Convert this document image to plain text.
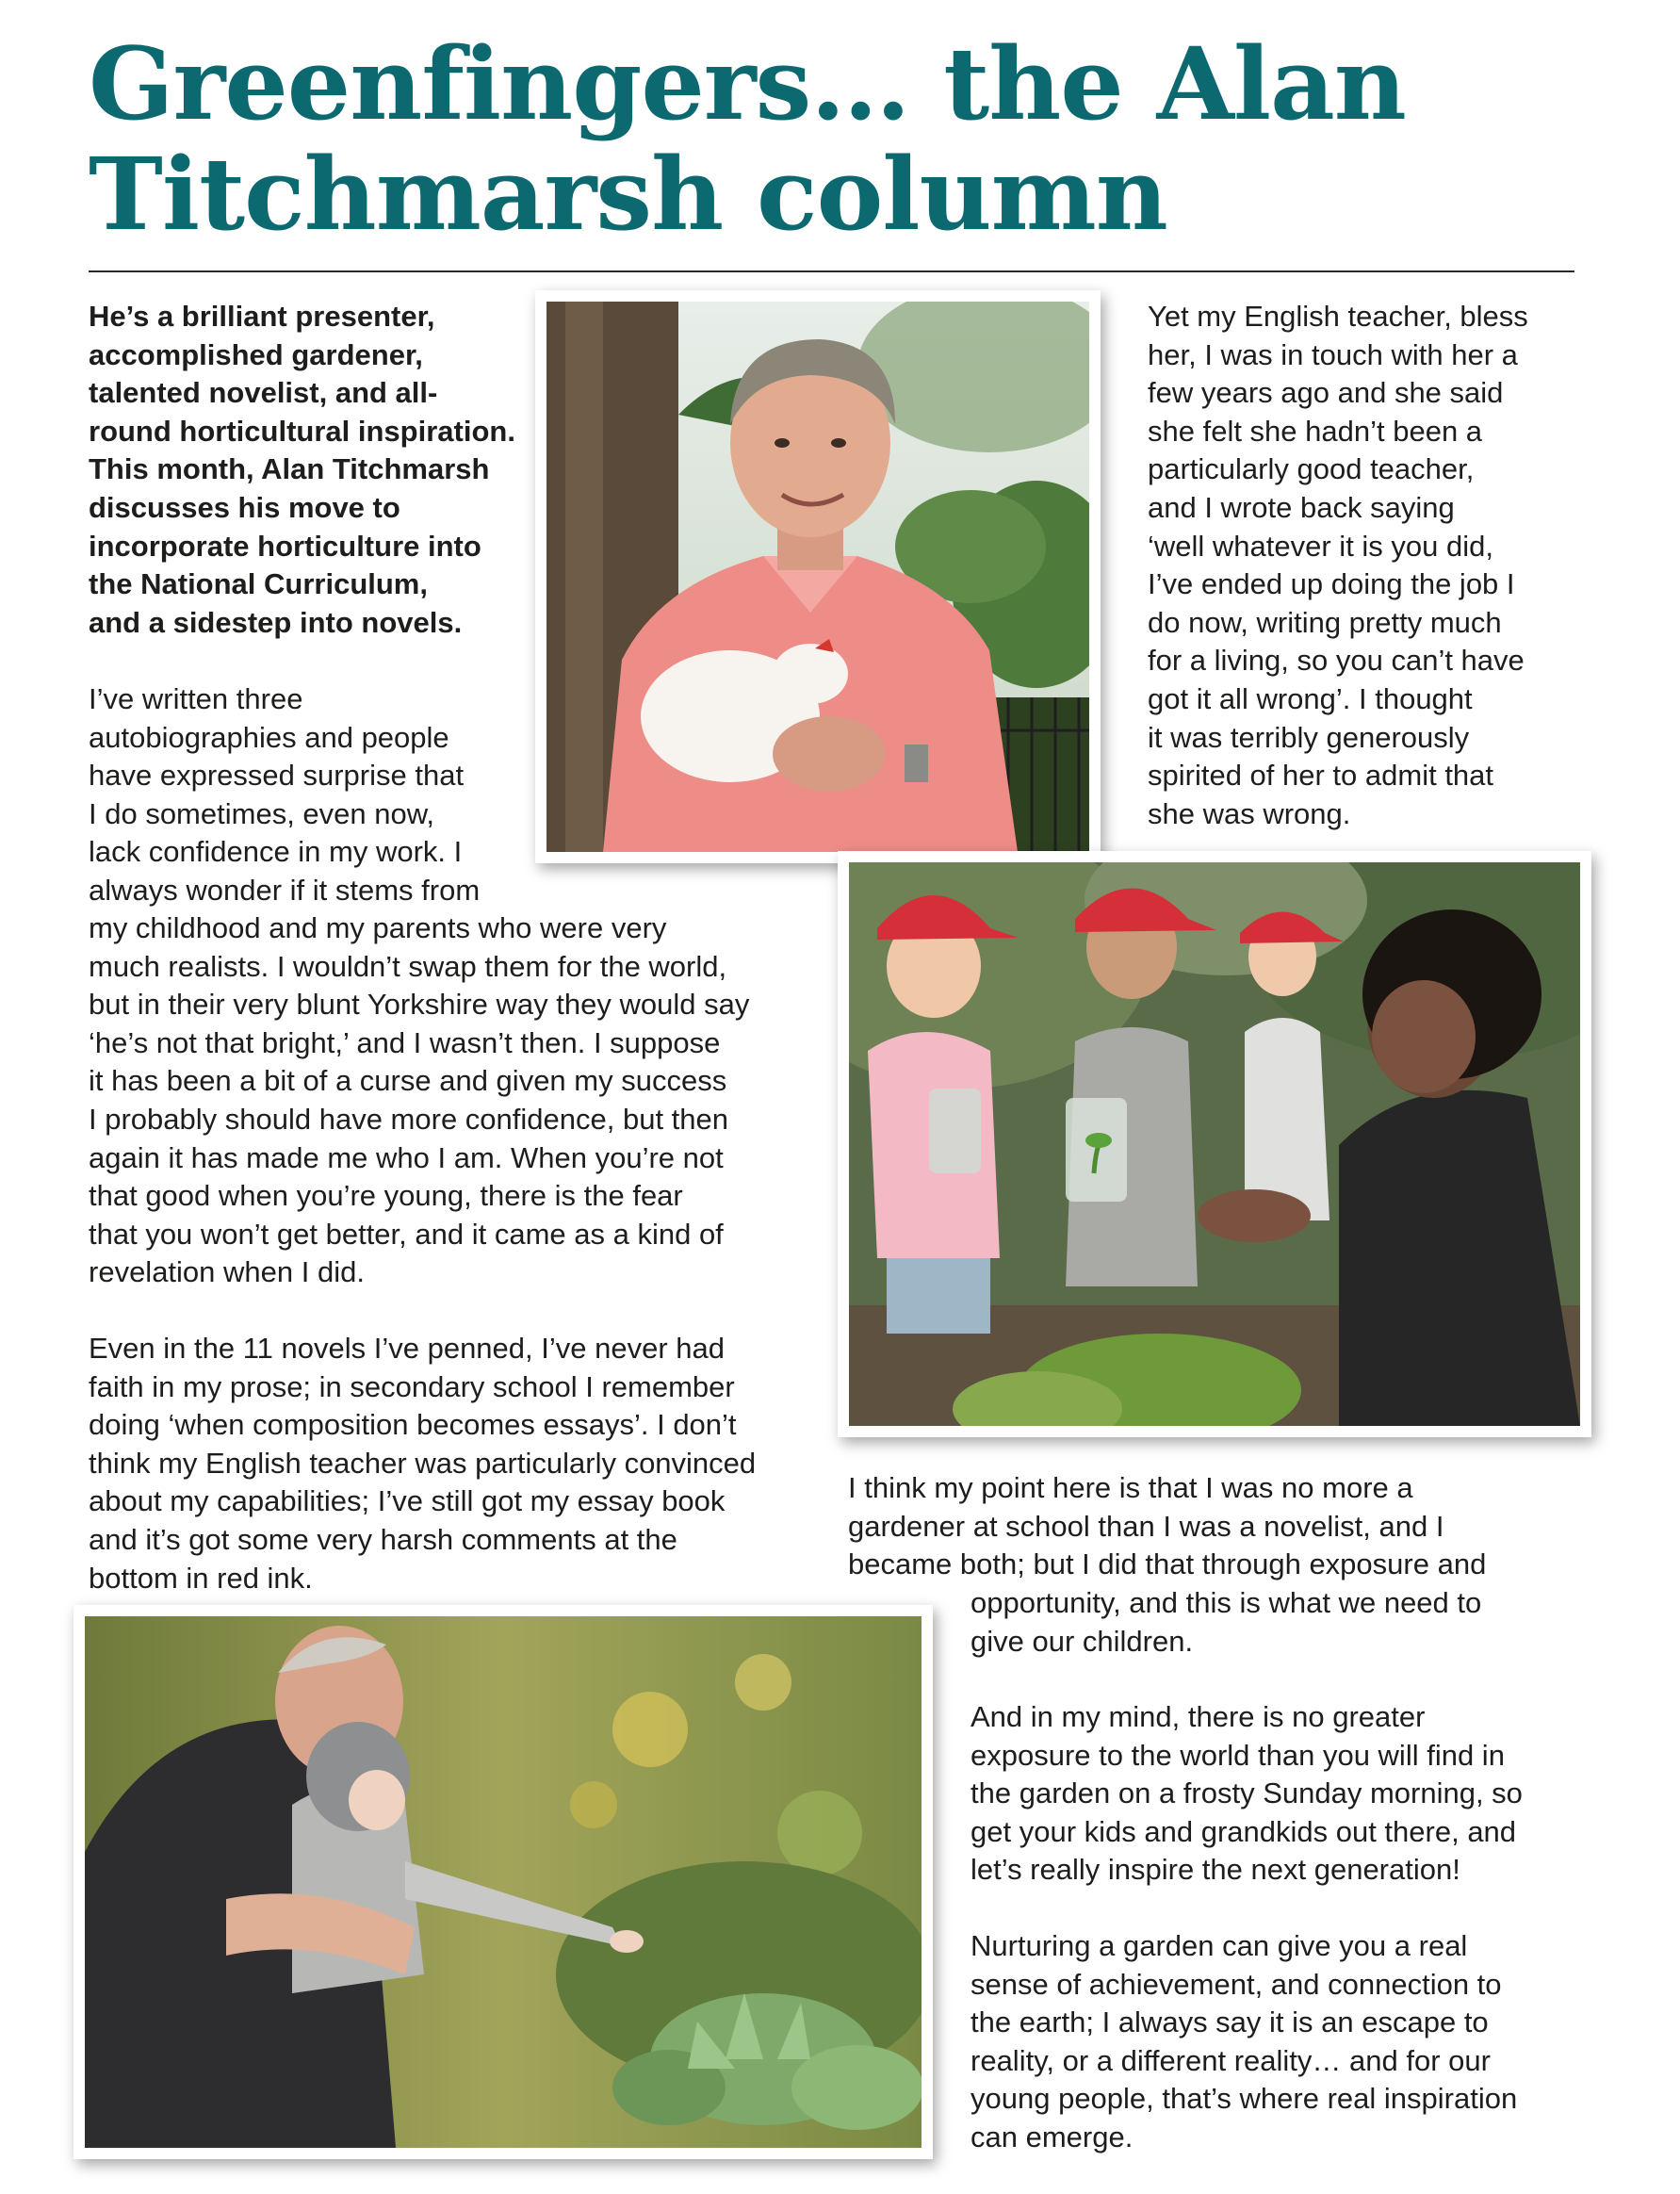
Greenfingers… the Alan Titchmarsh column

He’s a brilliant presenter,
accomplished gardener,
talented novelist, and all-
round horticultural inspiration.
This month, Alan Titchmarsh
discusses his move to
incorporate horticulture into
the National Curriculum,
and a sidestep into novels.

I’ve written three
autobiographies and people
have expressed surprise that
I do sometimes, even now,
lack confidence in my work. I
always wonder if it stems from

my childhood and my parents who were very
much realists. I wouldn’t swap them for the world,
but in their very blunt Yorkshire way they would say
‘he’s not that bright,’ and I wasn’t then. I suppose
it has been a bit of a curse and given my success
I probably should have more confidence, but then
again it has made me who I am. When you’re not
that good when you’re young, there is the fear
that you won’t get better, and it came as a kind of
revelation when I did.

Even in the 11 novels I’ve penned, I’ve never had
faith in my prose; in secondary school I remember
doing ‘when composition becomes essays’. I don’t
think my English teacher was particularly convinced
about my capabilities; I’ve still got my essay book
and it’s got some very harsh comments at the
bottom in red ink.

Yet my English teacher, bless
her, I was in touch with her a
few years ago and she said
she felt she hadn’t been a
particularly good teacher,
and I wrote back saying
‘well whatever it is you did,
I’ve ended up doing the job I
do now, writing pretty much
for a living, so you can’t have
got it all wrong’. I thought
it was terribly generously
spirited of her to admit that
she was wrong.

I think my point here is that I was no more a
gardener at school than I was a novelist, and I
became both; but I did that through exposure and

opportunity, and this is what we need to
give our children.

And in my mind, there is no greater
exposure to the world than you will find in
the garden on a frosty Sunday morning, so
get your kids and grandkids out there, and
let’s really inspire the next generation!

Nurturing a garden can give you a real
sense of achievement, and connection to
the earth; I always say it is an escape to
reality, or a different reality… and for our
young people, that’s where real inspiration
can emerge.
